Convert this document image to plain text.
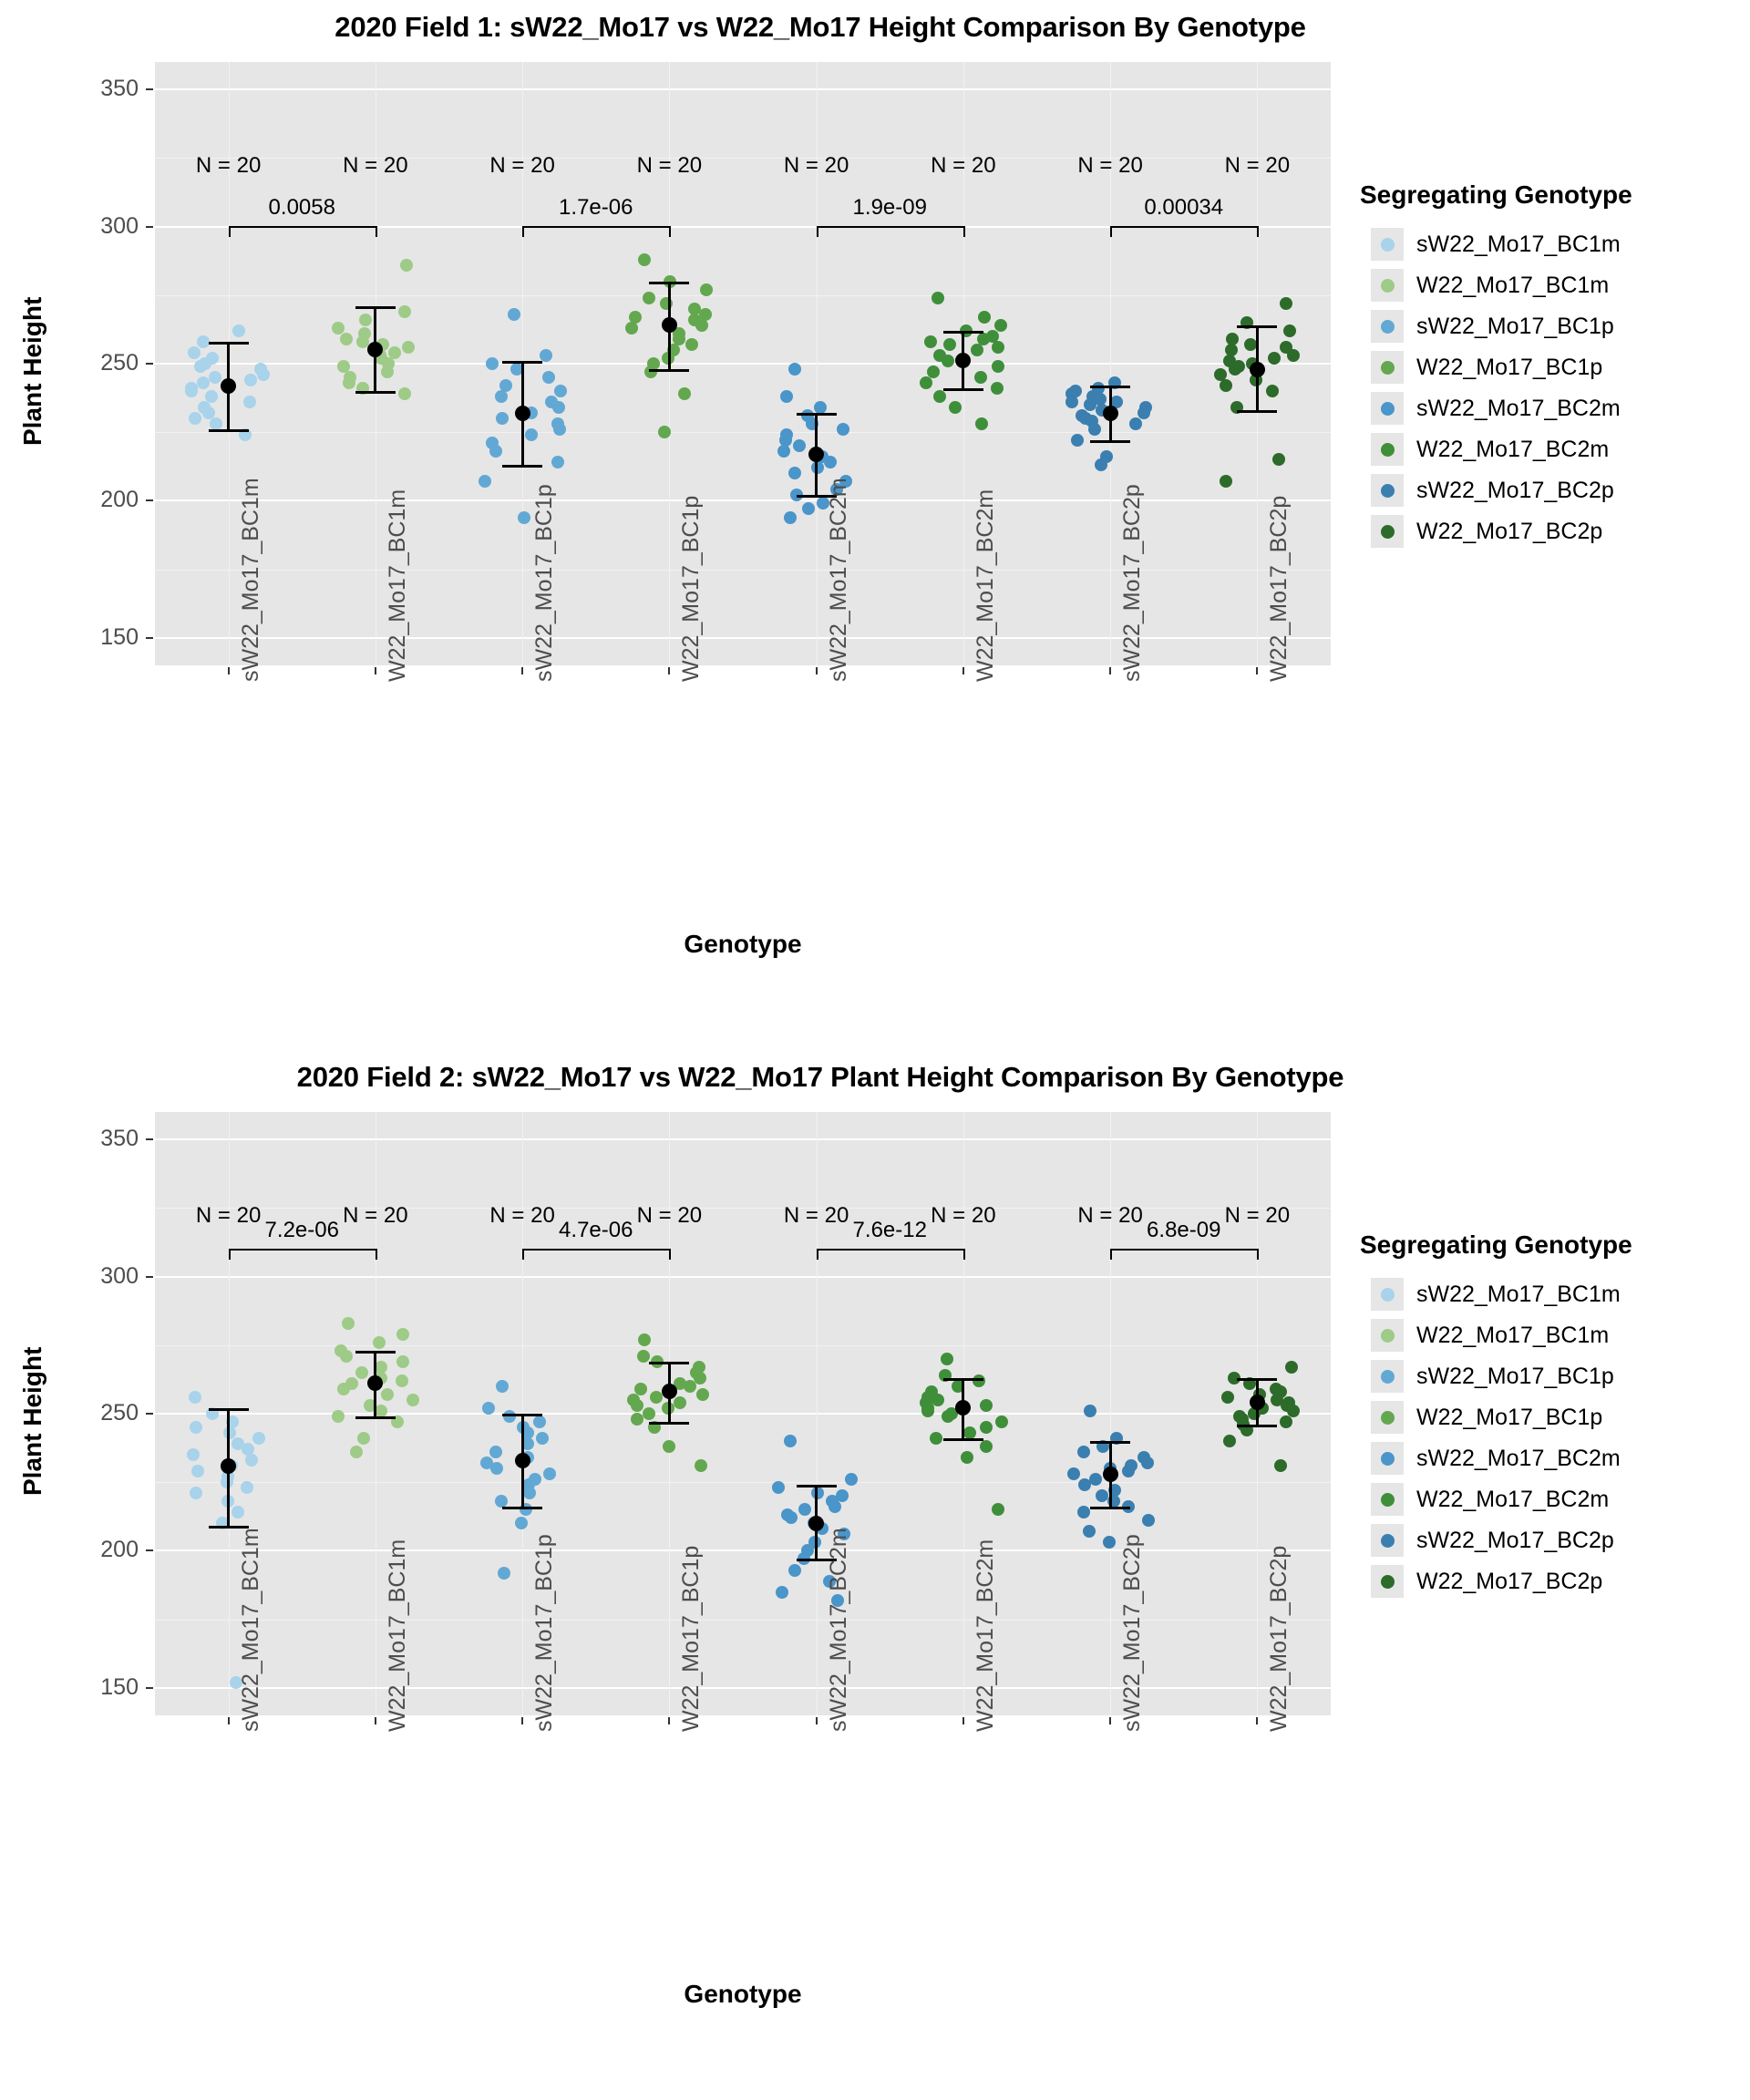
2020 Field 1: sW22_Mo17 vs W22_Mo17 Height Comparison By Genotype
N = 20	N = 20	N = 20	N = 20	N = 20	N = 20	N = 20	N = 20
0.0058	1.7e-06	1.9e-09	0.00034
150
200
250
300
350
Plant Height
sW22_Mo17_BC1m	W22_Mo17_BC1m	sW22_Mo17_BC1p	W22_Mo17_BC1p	sW22_Mo17_BC2m	W22_Mo17_BC2m	sW22_Mo17_BC2p	W22_Mo17_BC2p
Genotype
Segregating Genotype
sW22_Mo17_BC1m
W22_Mo17_BC1m
sW22_Mo17_BC1p
W22_Mo17_BC1p
sW22_Mo17_BC2m
W22_Mo17_BC2m
sW22_Mo17_BC2p
W22_Mo17_BC2p
2020 Field 2: sW22_Mo17 vs W22_Mo17 Plant Height Comparison By Genotype
N = 20	N = 20	N = 20	N = 20	N = 20	N = 20	N = 20	N = 20
7.2e-06	4.7e-06	7.6e-12	6.8e-09
150
200
250
300
350
Plant Height
sW22_Mo17_BC1m	W22_Mo17_BC1m	sW22_Mo17_BC1p	W22_Mo17_BC1p	sW22_Mo17_BC2m	W22_Mo17_BC2m	sW22_Mo17_BC2p	W22_Mo17_BC2p
Genotype
Segregating Genotype
sW22_Mo17_BC1m
W22_Mo17_BC1m
sW22_Mo17_BC1p
W22_Mo17_BC1p
sW22_Mo17_BC2m
W22_Mo17_BC2m
sW22_Mo17_BC2p
W22_Mo17_BC2p
